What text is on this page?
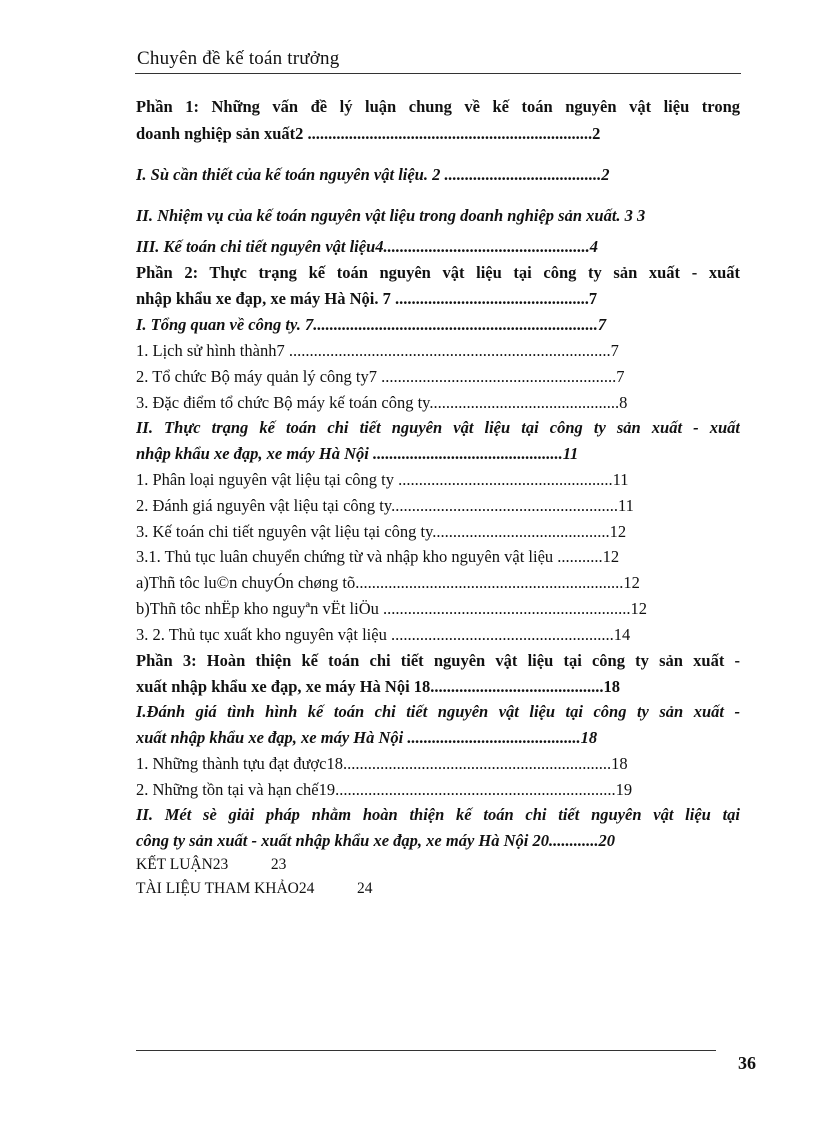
Chuyên đề kế toán trưởng
Phần 1: Những vấn đề lý luận chung về kế toán nguyên vật liệu trong
doanh nghiệp sản xuất2 .....................................................................2
I. Sù cần thiết của kế toán nguyên vật liệu. 2 ......................................2
II. Nhiệm vụ của kế toán nguyên vật liệu trong doanh nghiệp sản xuất. 3 3
III. Kế toán chi tiết nguyên vật liệu4..................................................4
Phần 2: Thực trạng kế toán nguyên vật liệu tại công ty sản xuất - xuất
nhập khẩu xe đạp, xe máy Hà Nội. 7 ...............................................7
I. Tổng quan về công ty. 7.....................................................................7
1. Lịch sử hình thành7 ..............................................................................7
2. Tổ chức Bộ máy quản lý công ty7 .........................................................7
3. Đặc điểm tổ chức Bộ máy kế toán công ty..............................................8
II. Thực trạng kế toán chi tiết nguyên vật liệu tại công ty sản xuất - xuất
nhập khẩu xe đạp, xe máy Hà Nội ..............................................11
1. Phân loại nguyên vật liệu tại công ty ....................................................11
2. Đánh giá nguyên vật liệu tại công ty.......................................................11
3. Kế toán chi tiết nguyên vật liệu tại công ty...........................................12
3.1. Thủ tục luân chuyển chứng từ và nhập kho nguyên vật liệu ...........12
a)Thñ tôc lu©n chuyÓn chøng tõ.................................................................12
b)Thñ tôc nhËp kho nguyªn vËt liÖu ............................................................12
3. 2. Thủ tục xuất kho nguyên vật liệu ......................................................14
Phần 3: Hoàn thiện kế toán chi tiết nguyên vật liệu tại công ty sản xuất -
xuất nhập khẩu xe đạp, xe máy Hà Nội 18..........................................18
I.Đánh giá tình hình kế toán chi tiết nguyên vật liệu tại công ty sản xuất -
xuất nhập khẩu xe đạp, xe máy Hà Nội ..........................................18
1. Những thành tựu đạt được18.................................................................18
2. Những tồn tại và hạn chế19....................................................................19
II. Mét sè giải pháp nhằm hoàn thiện kế toán chi tiết nguyên vật liệu tại
công ty sản xuất - xuất nhập khẩu xe đạp, xe máy Hà Nội 20............20
KẾT LUẬN23           23
TÀI LIỆU THAM KHẢO24           24
36
